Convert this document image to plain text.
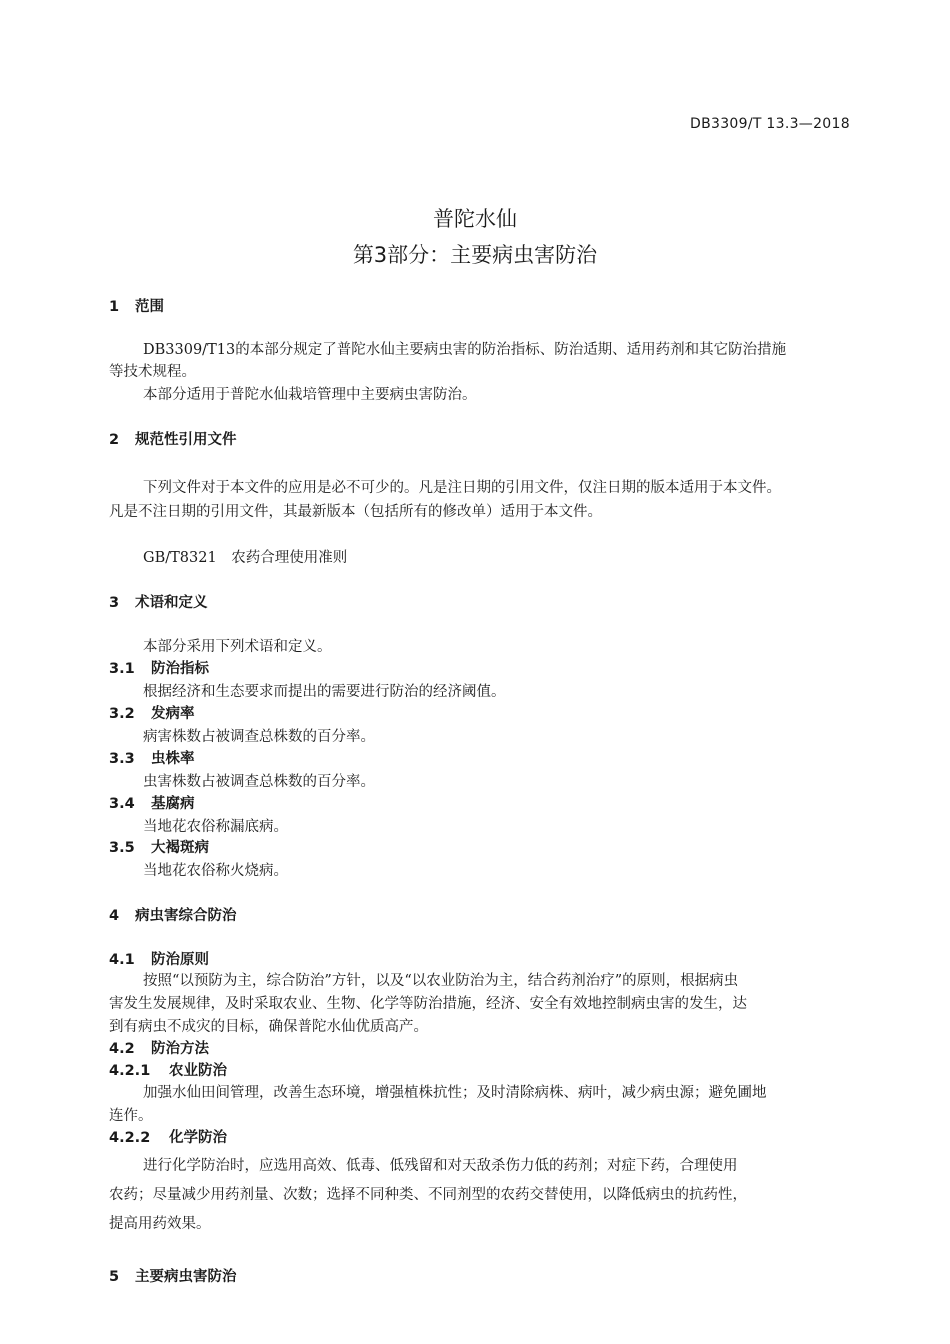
DB3309/T 13.3—2018
普陀水仙
第3部分：主要病虫害防治
1 范围
DB3309/T13的本部分规定了普陀水仙主要病虫害的防治指标、防治适期、适用药剂和其它防治措施
等技术规程。
本部分适用于普陀水仙栽培管理中主要病虫害防治。
2 规范性引用文件
下列文件对于本文件的应用是必不可少的。凡是注日期的引用文件，仅注日期的版本适用于本文件。
凡是不注日期的引用文件，其最新版本（包括所有的修改单）适用于本文件。
GB/T8321　农药合理使用准则
3 术语和定义
本部分采用下列术语和定义。
3.1 防治指标
根据经济和生态要求而提出的需要进行防治的经济阈值。
3.2 发病率
病害株数占被调查总株数的百分率。
3.3 虫株率
虫害株数占被调查总株数的百分率。
3.4 基腐病
当地花农俗称漏底病。
3.5 大褐斑病
当地花农俗称火烧病。
4 病虫害综合防治
4.1 防治原则
按照“以预防为主，综合防治”方针，以及“以农业防治为主，结合药剂治疗”的原则，根据病虫
害发生发展规律，及时采取农业、生物、化学等防治措施，经济、安全有效地控制病虫害的发生，达
到有病虫不成灾的目标，确保普陀水仙优质高产。
4.2 防治方法
4.2.1 农业防治
加强水仙田间管理，改善生态环境，增强植株抗性；及时清除病株、病叶，减少病虫源；避免圃地
连作。
4.2.2 化学防治
进行化学防治时，应选用高效、低毒、低残留和对天敌杀伤力低的药剂；对症下药，合理使用
农药；尽量减少用药剂量、次数；选择不同种类、不同剂型的农药交替使用，以降低病虫的抗药性，
提高用药效果。
5 主要病虫害防治
